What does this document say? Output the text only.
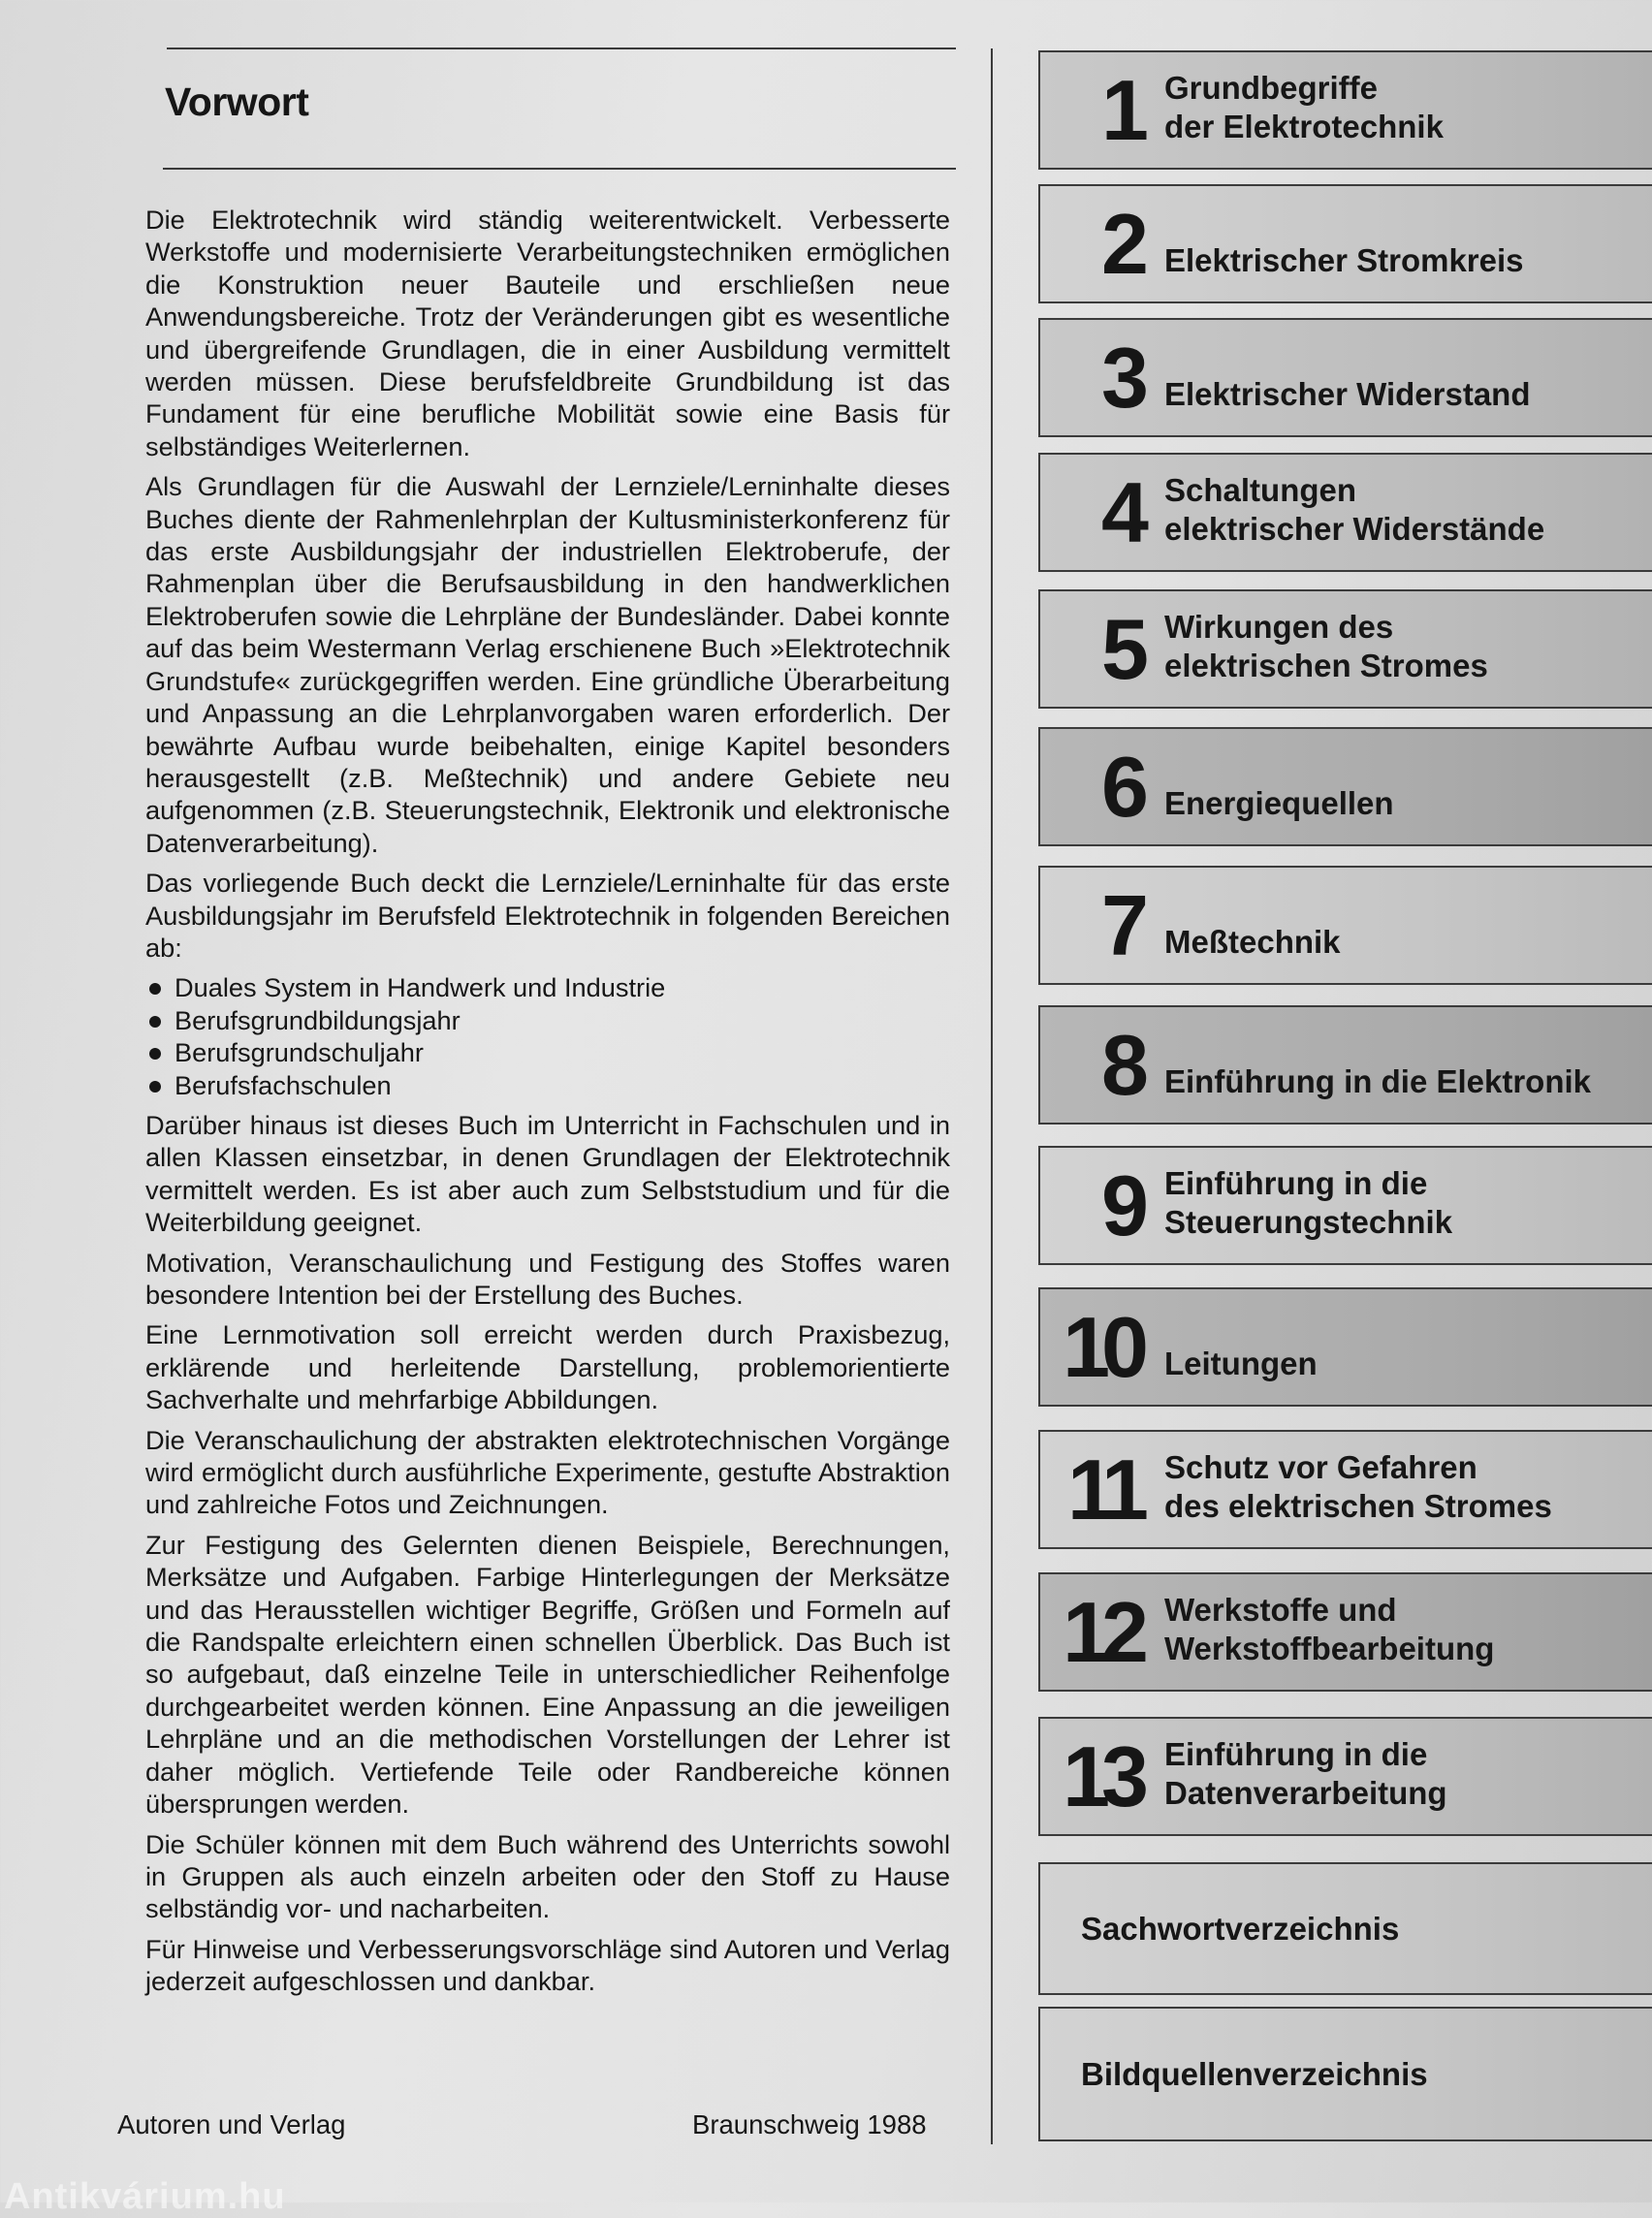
Vorwort

Die Elektrotechnik wird ständig weiterentwickelt. Verbesserte Werkstoffe und modernisierte Verarbeitungstechniken ermöglichen die Konstruktion neuer Bauteile und erschließen neue Anwendungsbereiche. Trotz der Veränderungen gibt es wesentliche und übergreifende Grundlagen, die in einer Ausbildung vermittelt werden müssen. Diese berufsfeldbreite Grundbildung ist das Fundament für eine berufliche Mobilität sowie eine Basis für selbständiges Weiterlernen.

Als Grundlagen für die Auswahl der Lernziele/Lerninhalte dieses Buches diente der Rahmenlehrplan der Kultusministerkonferenz für das erste Ausbildungsjahr der industriellen Elektroberufe, der Rahmenplan über die Berufsausbildung in den handwerklichen Elektroberufen sowie die Lehrpläne der Bundesländer. Dabei konnte auf das beim Westermann Verlag erschienene Buch »Elektrotechnik Grundstufe« zurückgegriffen werden. Eine gründliche Überarbeitung und Anpassung an die Lehrplanvorgaben waren erforderlich. Der bewährte Aufbau wurde beibehalten, einige Kapitel besonders herausgestellt (z.B. Meßtechnik) und andere Gebiete neu aufgenommen (z.B. Steuerungstechnik, Elektronik und elektronische Datenverarbeitung).

Das vorliegende Buch deckt die Lernziele/Lerninhalte für das erste Ausbildungsjahr im Berufsfeld Elektrotechnik in folgenden Bereichen ab:

Duales System in Handwerk und Industrie
Berufsgrundbildungsjahr
Berufsgrundschuljahr
Berufsfachschulen

Darüber hinaus ist dieses Buch im Unterricht in Fachschulen und in allen Klassen einsetzbar, in denen Grundlagen der Elektrotechnik vermittelt werden. Es ist aber auch zum Selbststudium und für die Weiterbildung geeignet.

Motivation, Veranschaulichung und Festigung des Stoffes waren besondere Intention bei der Erstellung des Buches.

Eine Lernmotivation soll erreicht werden durch Praxisbezug, erklärende und herleitende Darstellung, problemorientierte Sachverhalte und mehrfarbige Abbildungen.

Die Veranschaulichung der abstrakten elektrotechnischen Vorgänge wird ermöglicht durch ausführliche Experimente, gestufte Abstraktion und zahlreiche Fotos und Zeichnungen.

Zur Festigung des Gelernten dienen Beispiele, Berechnungen, Merksätze und Aufgaben. Farbige Hinterlegungen der Merksätze und das Herausstellen wichtiger Begriffe, Größen und Formeln auf die Randspalte erleichtern einen schnellen Überblick. Das Buch ist so aufgebaut, daß einzelne Teile in unterschiedlicher Reihenfolge durchgearbeitet werden können. Eine Anpassung an die jeweiligen Lehrpläne und an die methodischen Vorstellungen der Lehrer ist daher möglich. Vertiefende Teile oder Randbereiche können übersprungen werden.

Die Schüler können mit dem Buch während des Unterrichts sowohl in Gruppen als auch einzeln arbeiten oder den Stoff zu Hause selbständig vor- und nacharbeiten.

Für Hinweise und Verbesserungsvorschläge sind Autoren und Verlag jederzeit aufgeschlossen und dankbar.

Autoren und Verlag	Braunschweig 1988
1 Grundbegriffe
der Elektrotechnik
2 Elektrischer Stromkreis
3 Elektrischer Widerstand
4 Schaltungen
elektrischer Widerstände
5 Wirkungen des
elektrischen Stromes
6 Energiequellen
7 Meßtechnik
8 Einführung in die Elektronik
9 Einführung in die
Steuerungstechnik
10 Leitungen
11 Schutz vor Gefahren
des elektrischen Stromes
12 Werkstoffe und
Werkstoffbearbeitung
13 Einführung in die
Datenverarbeitung
Sachwortverzeichnis
Bildquellenverzeichnis
Antikvárium.hu
